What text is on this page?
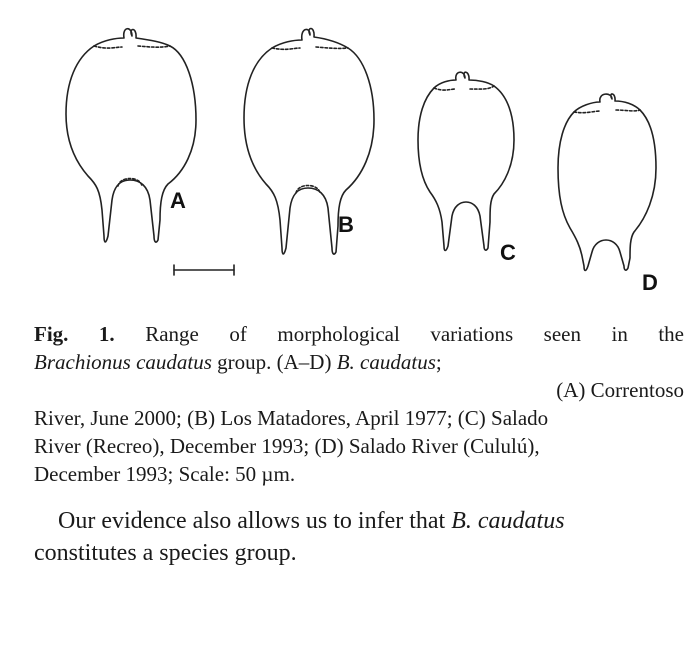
A
B
C
D
Fig. 1. Range of morphological variations seen in the
Brachionus caudatus group. (A–D) B. caudatus;
(A) Correntoso
River, June 2000; (B) Los Matadores, April 1977; (C) Salado
River (Recreo), December 1993; (D) Salado River (Cululú),
December 1993; Scale: 50 µm.
Our evidence also allows us to infer that B. caudatus
constitutes a species group.
